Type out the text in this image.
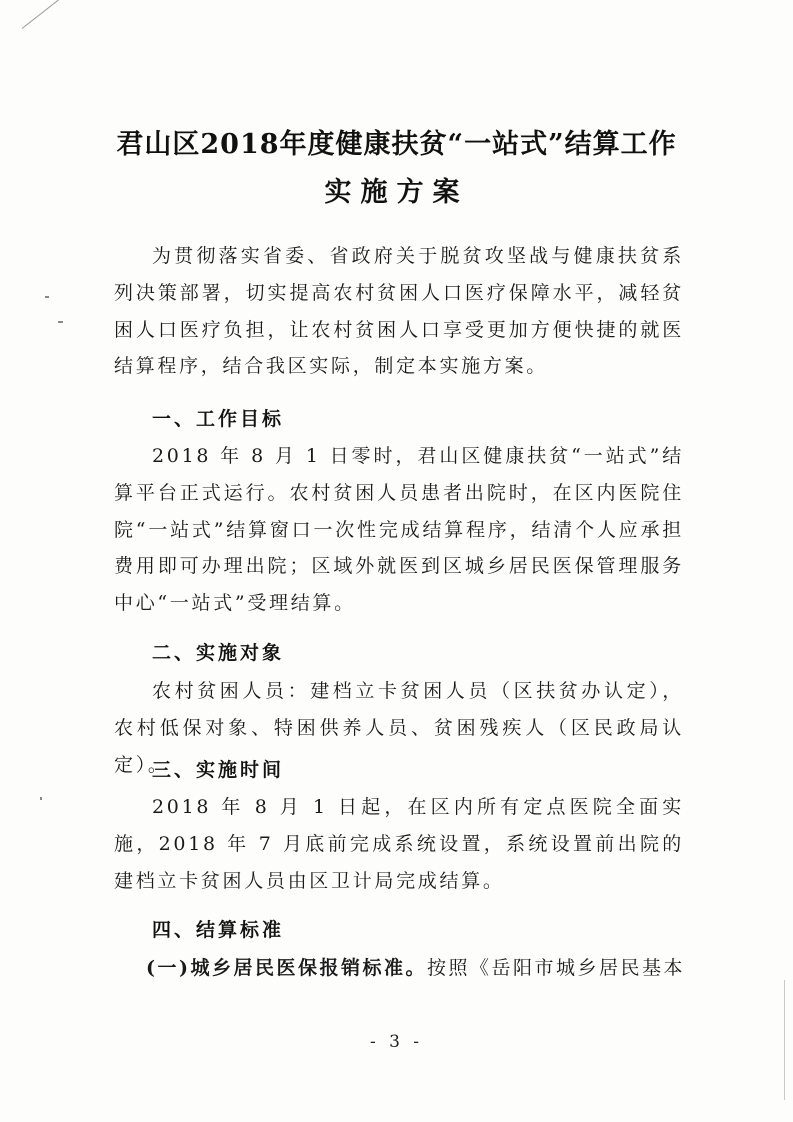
君山区2018年度健康扶贫“一站式”结算工作
实施方案
为贯彻落实省委、省政府关于脱贫攻坚战与健康扶贫系列决策部署，切实提高农村贫困人口医疗保障水平，减轻贫困人口医疗负担，让农村贫困人口享受更加方便快捷的就医结算程序，结合我区实际，制定本实施方案。
一、工作目标
2018 年 8 月 1 日零时，君山区健康扶贫“一站式”结算平台正式运行。农村贫困人员患者出院时，在区内医院住院“一站式”结算窗口一次性完成结算程序，结清个人应承担费用即可办理出院；区域外就医到区城乡居民医保管理服务中心“一站式”受理结算。
二、实施对象
农村贫困人员：建档立卡贫困人员（区扶贫办认定），农村低保对象、特困供养人员、贫困残疾人（区民政局认定）。
三、实施时间
2018 年 8 月 1 日起，在区内所有定点医院全面实施，2018 年 7 月底前完成系统设置，系统设置前出院的建档立卡贫困人员由区卫计局完成结算。
四、结算标准
(一)城乡居民医保报销标准。按照《岳阳市城乡居民基本
- 3 -
